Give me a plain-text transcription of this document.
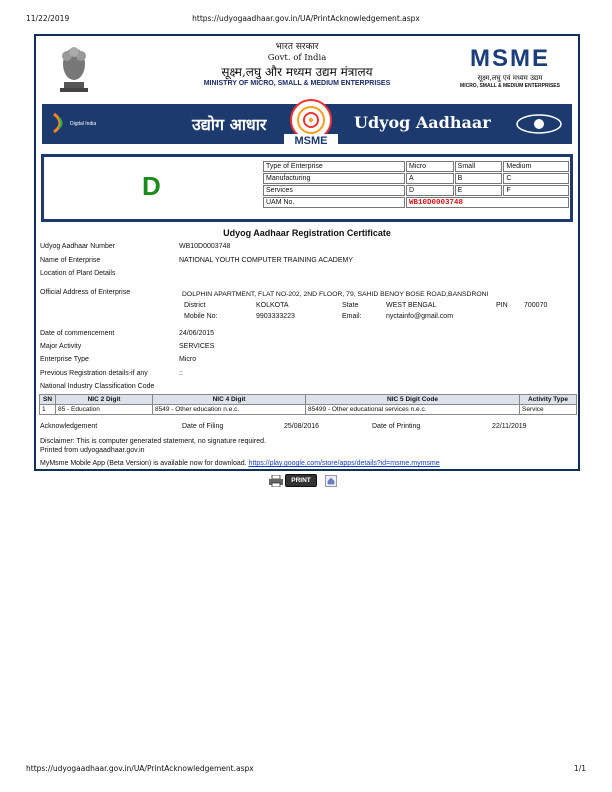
11/22/2019	https://udyogaadhaar.gov.in/UA/PrintAcknowledgement.aspx
भारत सरकार
Govt. of India
सूक्ष्म,लघु और मध्यम उद्यम मंत्रालय
MINISTRY OF MICRO, SMALL & MEDIUM ENTERPRISES
MSME
सूक्ष्म,लघु एवं मध्यम उद्यम
MICRO, SMALL & MEDIUM ENTERPRISES
Digital India	उद्योग आधार
MSME
Udyog Aadhaar
D
Type of Enterprise	Micro	Small	Medium
Manufacturing	A	B	C
Services	D	E	F
UAM No.	WB10D0003748		
Udyog Aadhaar Registration Certificate
Udyog Aadhaar Number	WB10D0003748
Name of Enterprise	NATIONAL YOUTH COMPUTER TRAINING ACADEMY
Location of Plant Details
Official Address of Enterprise	DOLPHIN APARTMENT, FLAT NO-202, 2ND FLOOR, 79, SAHID BENOY BOSE ROAD,BANSDRONI
District	KOLKOTA	State	WEST BENGAL	PIN 700070
Mobile No:	9903333223	Email:	nyctainfo@gmail.com
Date of commencement	24/06/2015
Major Activity	SERVICES
Enterprise Type	Micro
Previous Registration details-if any	::
National Industry Classification Code
SN	NIC 2 Digit	NIC 4 Digit	NIC 5 Digit Code	Activity Type
1	85 - Education	8549 - Other education n.e.c.	85499 - Other educational services n.e.c.	Service
Acknowledgement	Date of Filing	25/08/2016	Date of Printing	22/11/2019
Disclaimer: This is computer generated statement, no signature required.
Printed from udyogaadhaar.gov.in
MyMsme Mobile App (Beta Version) is available now for download. https://play.google.com/store/apps/details?id=msme.mymsme
PRINT
https://udyogaadhaar.gov.in/UA/PrintAcknowledgement.aspx	1/1
